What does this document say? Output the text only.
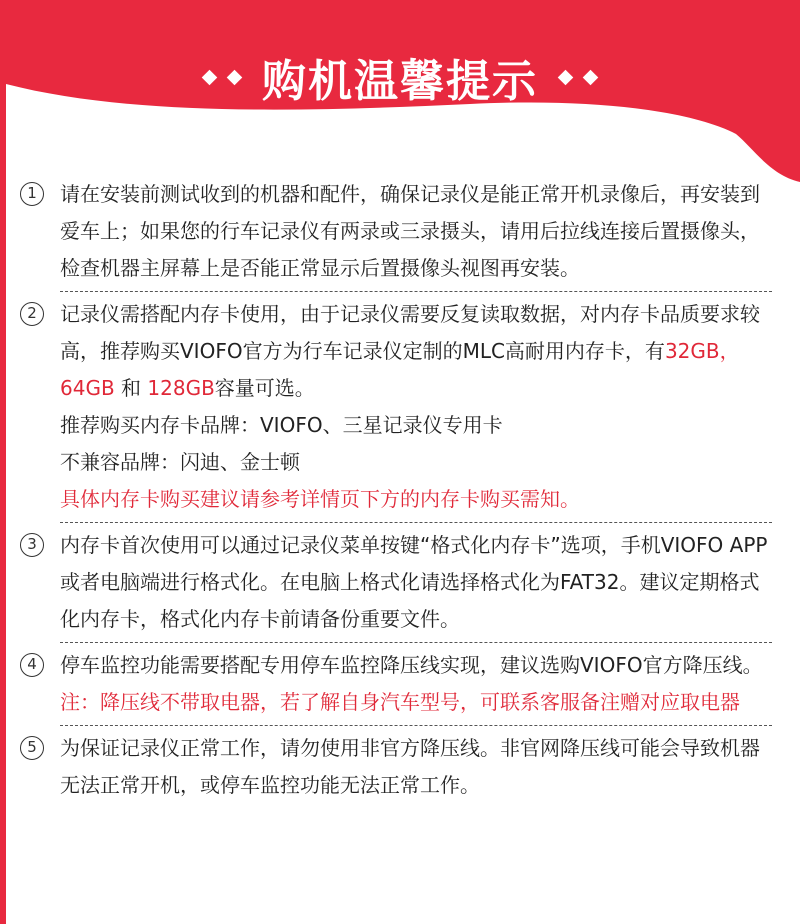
购机温馨提示
1	请在安装前测试收到的机器和配件，确保记录仪是能正常开机录像后，再安装到爱车上；如果您的行车记录仪有两录或三录摄头，请用后拉线连接后置摄像头，检查机器主屏幕上是否能正常显示后置摄像头视图再安装。
2	记录仪需搭配内存卡使用，由于记录仪需要反复读取数据，对内存卡品质要求较高，推荐购买VIOFO官方为行车记录仪定制的MLC高耐用内存卡，有32GB，64GB 和 128GB容量可选。
推荐购买内存卡品牌：VIOFO、三星记录仪专用卡
不兼容品牌：闪迪、金士顿
具体内存卡购买建议请参考详情页下方的内存卡购买需知。
3	内存卡首次使用可以通过记录仪菜单按键“格式化内存卡”选项，手机VIOFO APP或者电脑端进行格式化。在电脑上格式化请选择格式化为FAT32。建议定期格式化内存卡，格式化内存卡前请备份重要文件。
4	停车监控功能需要搭配专用停车监控降压线实现，建议选购VIOFO官方降压线。
注：降压线不带取电器，若了解自身汽车型号，可联系客服备注赠对应取电器
5	为保证记录仪正常工作，请勿使用非官方降压线。非官网降压线可能会导致机器无法正常开机，或停车监控功能无法正常工作。
